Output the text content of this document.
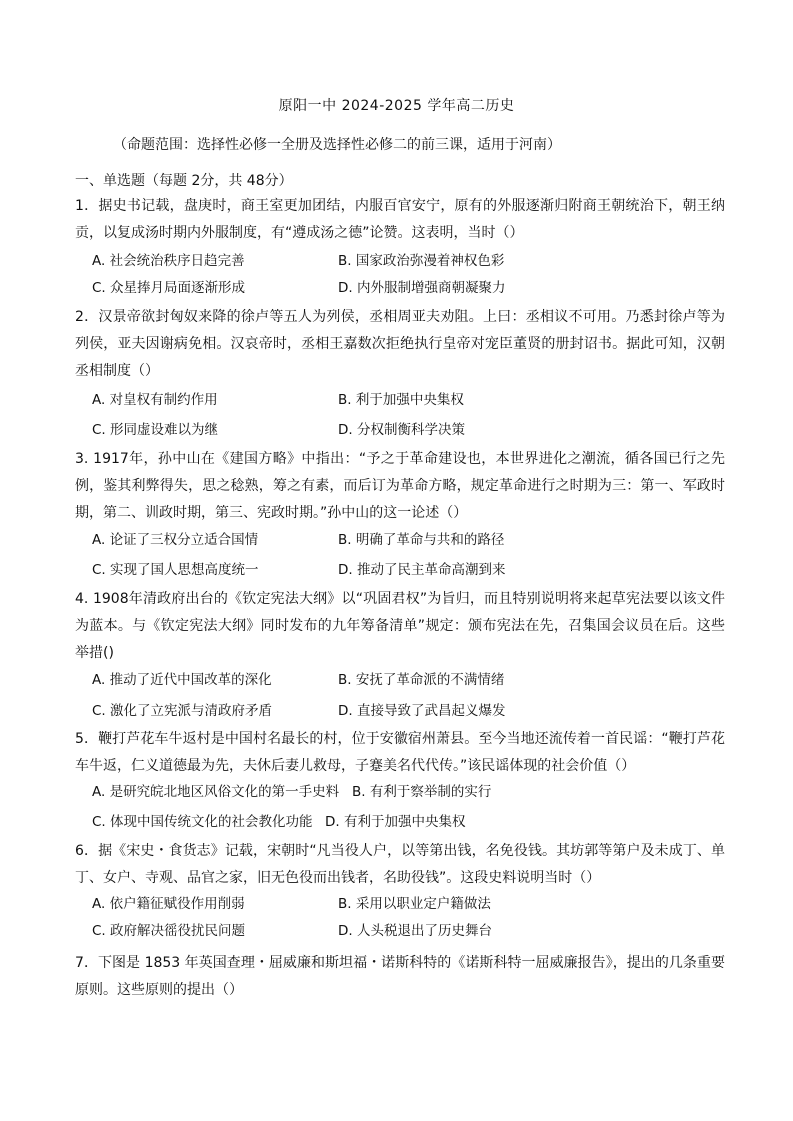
原阳一中 2024-2025 学年高二历史
（命题范围：选择性必修一全册及选择性必修二的前三课，适用于河南）
一、单选题（每题 2分，共 48分）
1．据史书记载，盘庚时，商王室更加团结，内服百官安宁，原有的外服逐渐归附商王朝统治下，朝王纳贡，以复成汤时期内外服制度，有“遵成汤之德”论赞。这表明，当时（）
A. 社会统治秩序日趋完善	B. 国家政治弥漫着神权色彩
C. 众星捧月局面逐渐形成	D. 内外服制增强商朝凝聚力
2．汉景帝欲封匈奴来降的徐卢等五人为列侯，丞相周亚夫劝阻。上曰：丞相议不可用。乃悉封徐卢等为列侯，亚夫因谢病免相。汉哀帝时，丞相王嘉数次拒绝执行皇帝对宠臣董贤的册封诏书。据此可知，汉朝丞相制度（）
A. 对皇权有制约作用	B. 利于加强中央集权
C. 形同虚设难以为继	D. 分权制衡科学决策
3. 1917年，孙中山在《建国方略》中指出：“予之于革命建设也，本世界进化之潮流，循各国已行之先例，鉴其利弊得失，思之稔熟，筹之有素，而后订为革命方略，规定革命进行之时期为三：第一、军政时期，第二、训政时期，第三、宪政时期。”孙中山的这一论述（）
A. 论证了三权分立适合国情	B. 明确了革命与共和的路径
C. 实现了国人思想高度统一	D. 推动了民主革命高潮到来
4. 1908年清政府出台的《钦定宪法大纲》以“巩固君权”为旨归，而且特别说明将来起草宪法要以该文件为蓝本。与《钦定宪法大纲》同时发布的九年筹备清单”规定：颁布宪法在先，召集国会议员在后。这些举措()
A. 推动了近代中国改革的深化	B. 安抚了革命派的不满情绪
C. 激化了立宪派与清政府矛盾	D. 直接导致了武昌起义爆发
5．鞭打芦花车牛返村是中国村名最长的村，位于安徽宿州萧县。至今当地还流传着一首民谣：“鞭打芦花车牛返，仁义道德最为先，夫休后妻儿救母，子蹇美名代代传。”该民谣体现的社会价值（）
A. 是研究皖北地区风俗文化的第一手史料 B. 有利于察举制的实行
C. 体现中国传统文化的社会教化功能 D. 有利于加强中央集权
6．据《宋史・食货志》记载，宋朝时“凡当役人户，以等第出钱，名免役钱。其坊郭等第户及未成丁、单丁、女户、寺观、品官之家，旧无色役而出钱者，名助役钱”。这段史料说明当时（）
A. 依户籍征赋役作用削弱	B. 采用以职业定户籍做法
C. 政府解决徭役扰民问题	D. 人头税退出了历史舞台
7．下图是 1853 年英国查理・屈威廉和斯坦福・诺斯科特的《诺斯科特一屈威廉报告》，提出的几条重要原则。这些原则的提出（）
